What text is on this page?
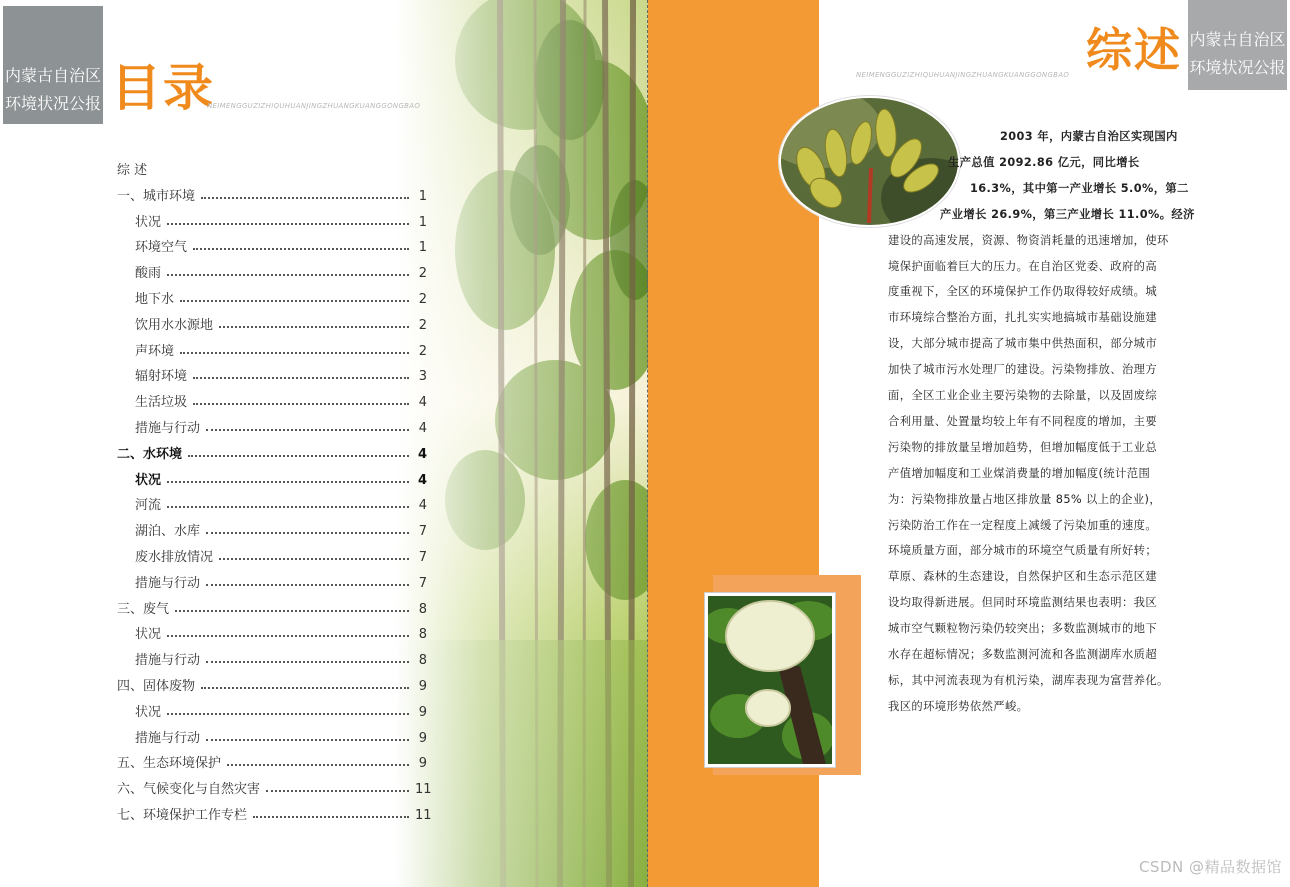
内蒙古自治区
环境状况公报 目录
NEIMENGGUZIZHIQUHUANJINGZHUANGKUANGGONGBAO
综 述
一、城市环境	1
状况	1
环境空气	1
酸雨	2
地下水	2
饮用水水源地	2
声环境	2
辐射环境	3
生活垃圾	4
措施与行动	4
二、水环境	4
状况	4
河流	4
湖泊、水库	7
废水排放情况	7
措施与行动	7
三、废气	8
状况	8
措施与行动	8
四、固体废物	9
状况	9
措施与行动	9
五、生态环境保护	9
六、气候变化与自然灾害	11
七、环境保护工作专栏	11
综述 内蒙古自治区
环境状况公报
NEIMENGGUZIZHIQUHUANJINGZHUANGKUANGGONGBAO
2003 年，内蒙古自治区实现国内
生产总值 2092.86 亿元，同比增长
16.3%，其中第一产业增长 5.0%，第二
产业增长 26.9%，第三产业增长 11.0%。经济
建设的高速发展，资源、物资消耗量的迅速增加，使环
境保护面临着巨大的压力。在自治区党委、政府的高
度重视下，全区的环境保护工作仍取得较好成绩。城
市环境综合整治方面，扎扎实实地搞城市基础设施建
设，大部分城市提高了城市集中供热面积，部分城市
加快了城市污水处理厂的建设。污染物排放、治理方
面，全区工业企业主要污染物的去除量，以及固废综
合利用量、处置量均较上年有不同程度的增加，主要
污染物的排放量呈增加趋势，但增加幅度低于工业总
产值增加幅度和工业煤消费量的增加幅度(统计范围
为：污染物排放量占地区排放量 85% 以上的企业)，
污染防治工作在一定程度上减缓了污染加重的速度。
环境质量方面，部分城市的环境空气质量有所好转；
草原、森林的生态建设，自然保护区和生态示范区建
设均取得新进展。但同时环境监测结果也表明：我区
城市空气颗粒物污染仍较突出；多数监测城市的地下
水存在超标情况；多数监测河流和各监测湖库水质超
标，其中河流表现为有机污染，湖库表现为富营养化。
我区的环境形势依然严峻。
CSDN @精品数据馆
